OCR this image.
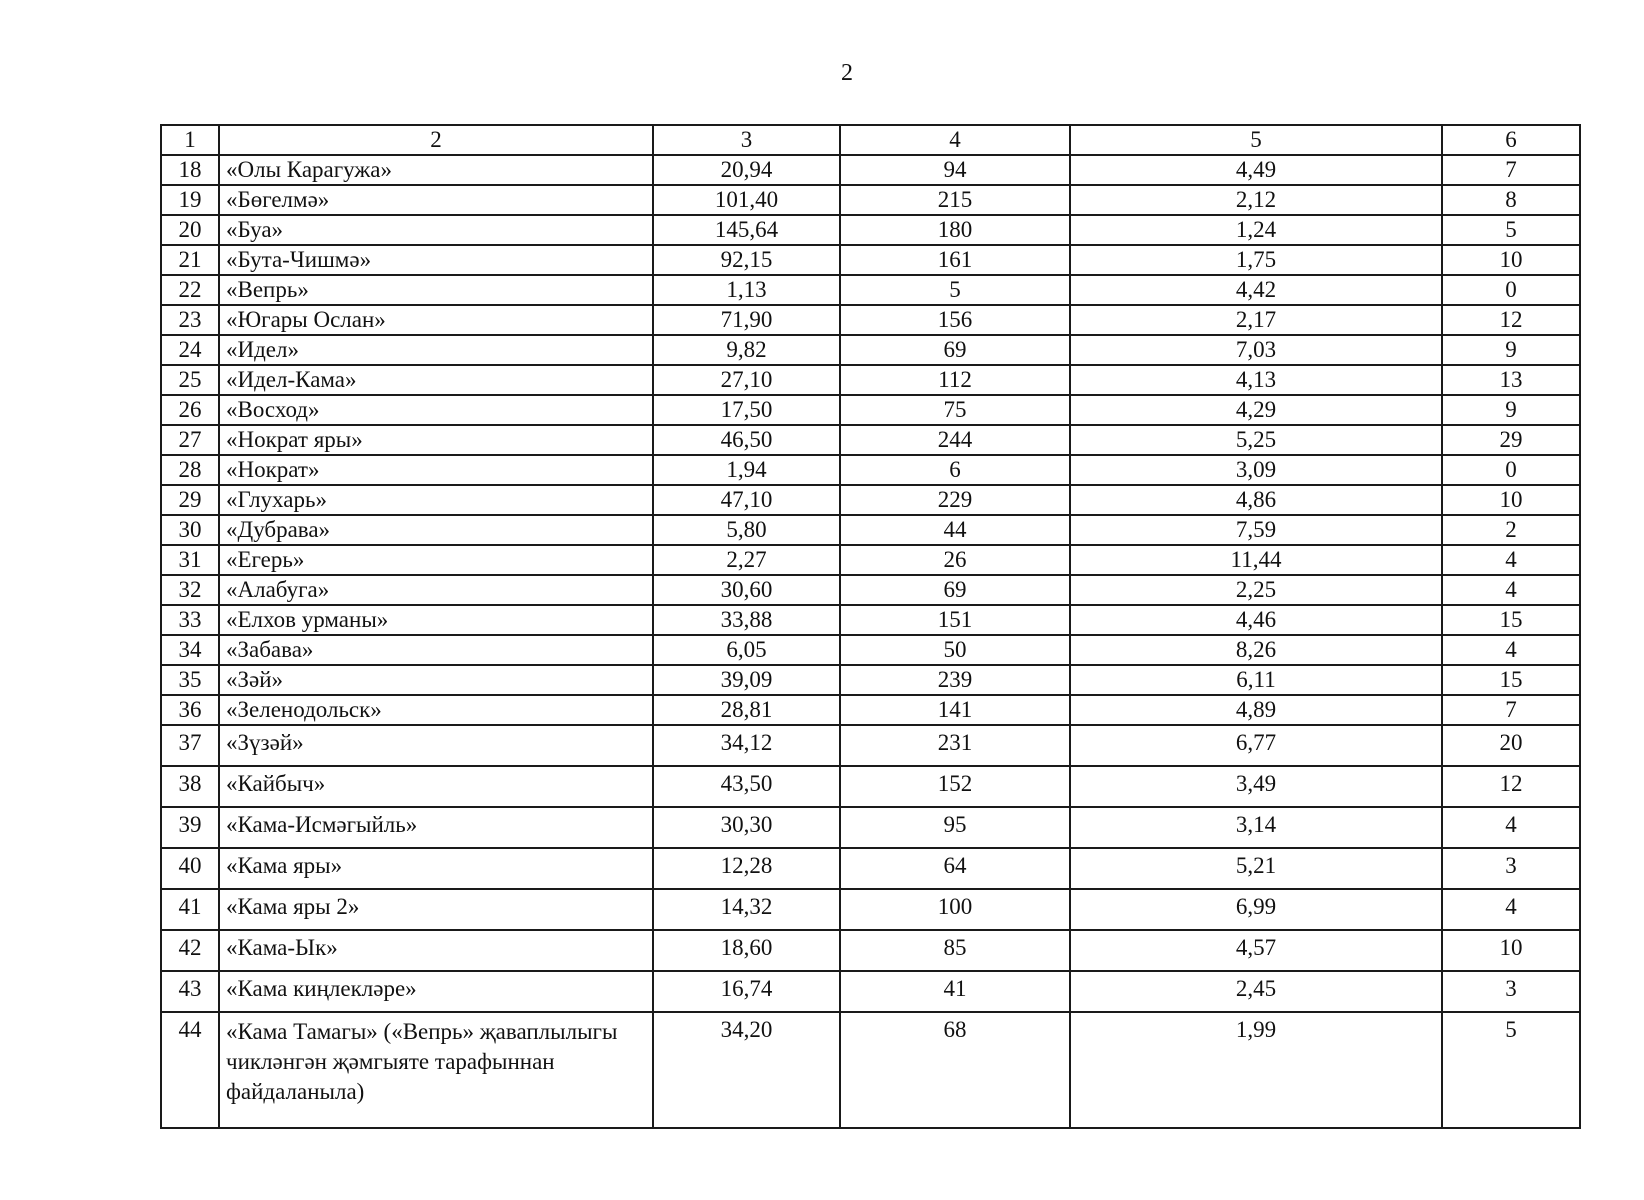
2
1	2	3	4	5	6
18	«Олы Карагужа»	20,94	94	4,49	7
19	«Бөгелмә»	101,40	215	2,12	8
20	«Буа»	145,64	180	1,24	5
21	«Бута-Чишмә»	92,15	161	1,75	10
22	«Вепрь»	1,13	5	4,42	0
23	«Югары Ослан»	71,90	156	2,17	12
24	«Идел»	9,82	69	7,03	9
25	«Идел-Кама»	27,10	112	4,13	13
26	«Восход»	17,50	75	4,29	9
27	«Нократ яры»	46,50	244	5,25	29
28	«Нократ»	1,94	6	3,09	0
29	«Глухарь»	47,10	229	4,86	10
30	«Дубрава»	5,80	44	7,59	2
31	«Егерь»	2,27	26	11,44	4
32	«Алабуга»	30,60	69	2,25	4
33	«Елхов урманы»	33,88	151	4,46	15
34	«Забава»	6,05	50	8,26	4
35	«Зәй»	39,09	239	6,11	15
36	«Зеленодольск»	28,81	141	4,89	7
37	«Зүзәй»	34,12	231	6,77	20
38	«Кайбыч»	43,50	152	3,49	12
39	«Кама-Исмәгыйль»	30,30	95	3,14	4
40	«Кама яры»	12,28	64	5,21	3
41	«Кама яры 2»	14,32	100	6,99	4
42	«Кама-Ык»	18,60	85	4,57	10
43	«Кама киңлекләре»	16,74	41	2,45	3
44	«Кама Тамагы» («Вепрь» җаваплылыгы чикләнгән җәмгыяте тарафыннан файдаланыла)	34,20	68	1,99	5
